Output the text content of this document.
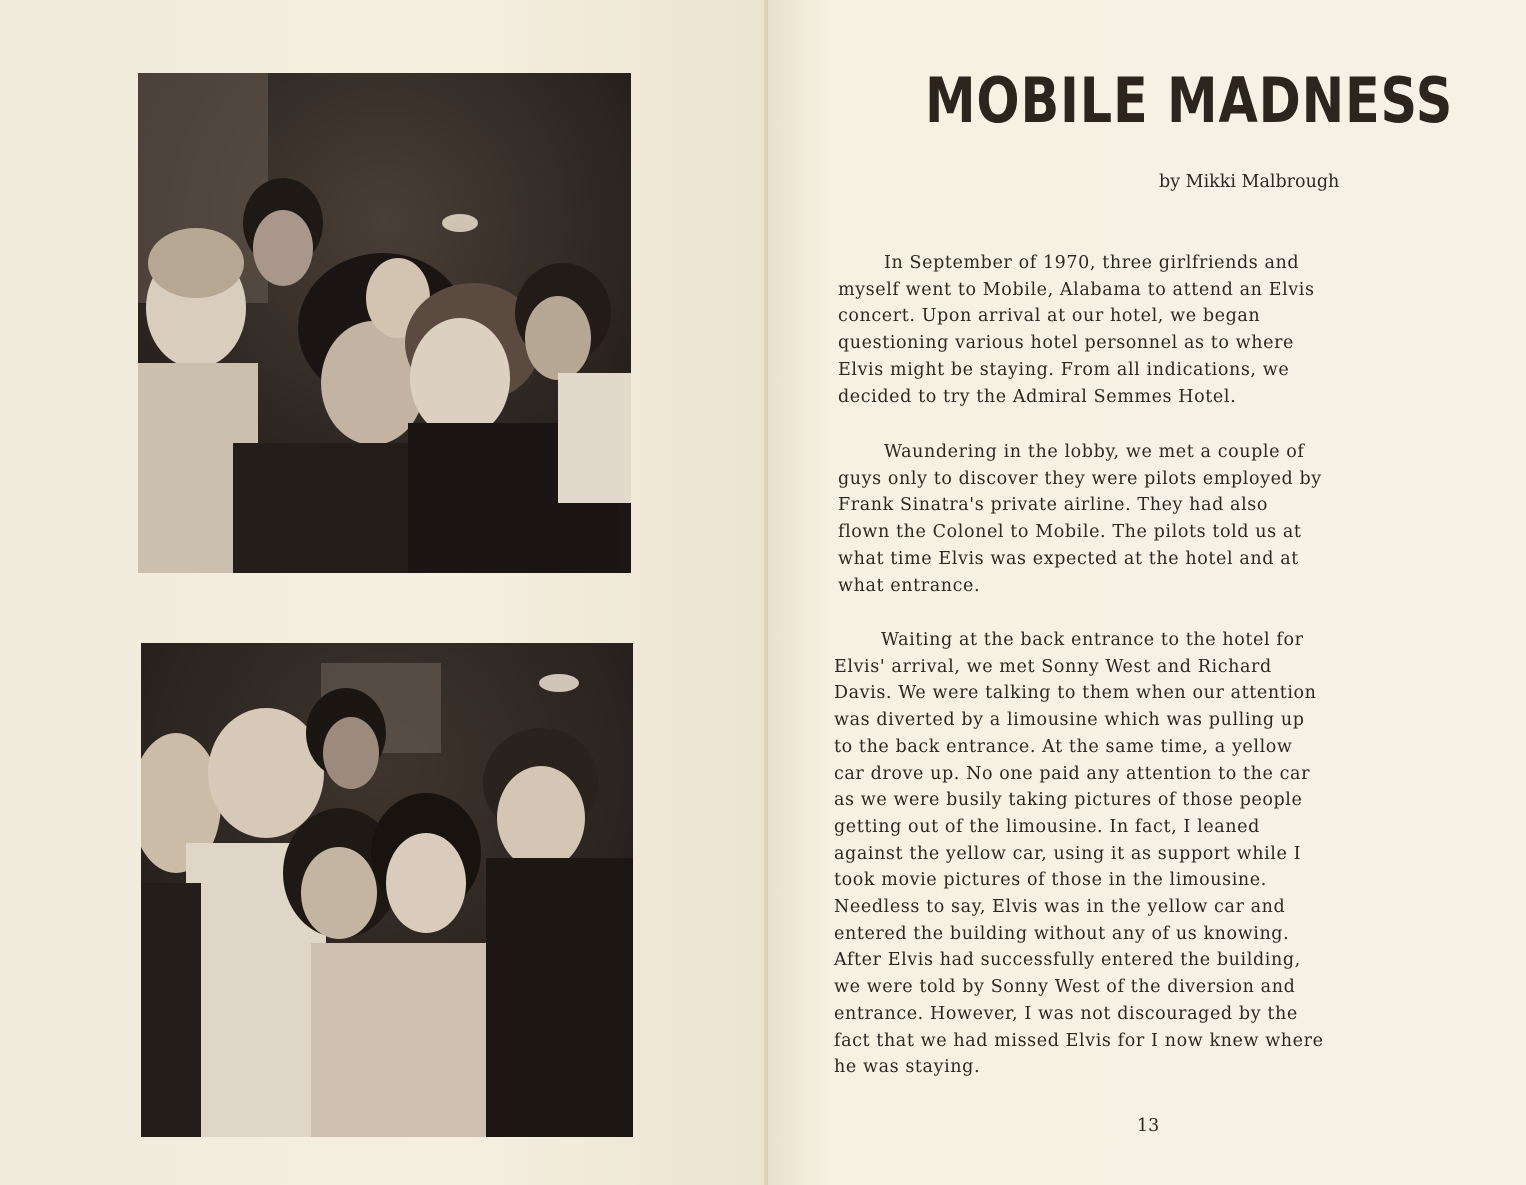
MOBILE MADNESS

by Mikki Malbrough

In September of 1970, three girlfriends and
myself went to Mobile, Alabama to attend an Elvis
concert. Upon arrival at our hotel, we began
questioning various hotel personnel as to where
Elvis might be staying. From all indications, we
decided to try the Admiral Semmes Hotel.

Waundering in the lobby, we met a couple of
guys only to discover they were pilots employed by
Frank Sinatra's private airline. They had also
flown the Colonel to Mobile. The pilots told us at
what time Elvis was expected at the hotel and at
what entrance.

Waiting at the back entrance to the hotel for
Elvis' arrival, we met Sonny West and Richard
Davis. We were talking to them when our attention
was diverted by a limousine which was pulling up
to the back entrance. At the same time, a yellow
car drove up. No one paid any attention to the car
as we were busily taking pictures of those people
getting out of the limousine. In fact, I leaned
against the yellow car, using it as support while I
took movie pictures of those in the limousine.
Needless to say, Elvis was in the yellow car and
entered the building without any of us knowing.
After Elvis had successfully entered the building,
we were told by Sonny West of the diversion and
entrance. However, I was not discouraged by the
fact that we had missed Elvis for I now knew where
he was staying.

13
